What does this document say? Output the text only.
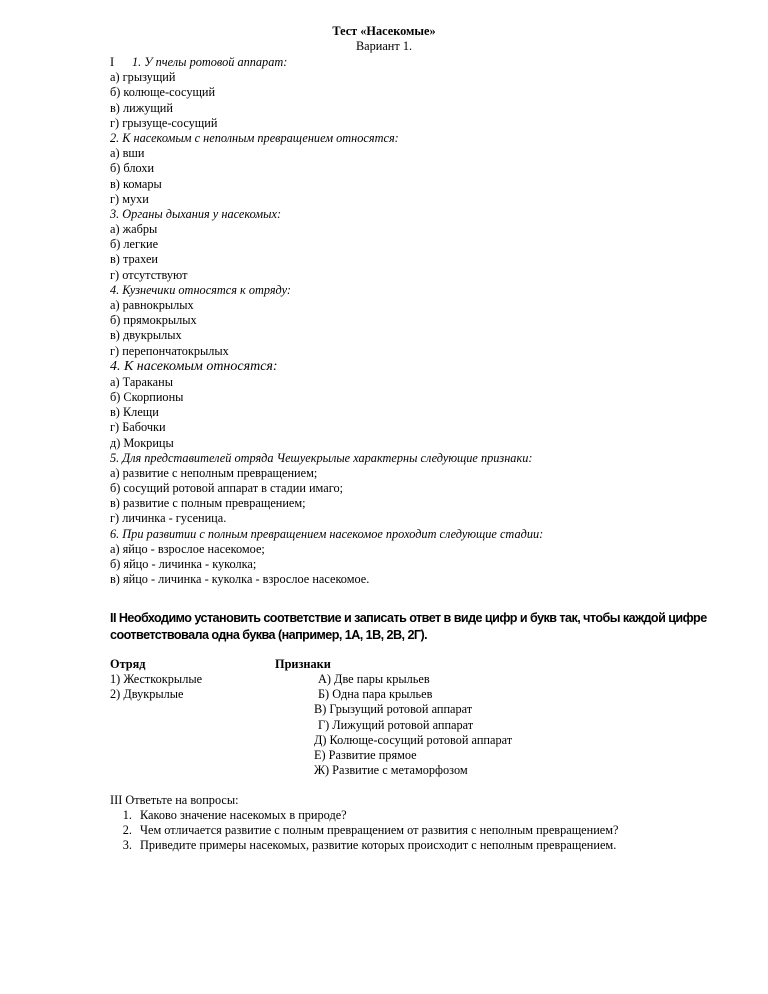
Тест «Насекомые»
Вариант 1.
I 1. У пчелы ротовой аппарат:
а) грызущий
б) колюще-сосущий
в) лижущий
г) грызуще-сосущий
2. К насекомым с неполным превращением относятся:
а) вши
б) блохи
в) комары
г) мухи
3. Органы дыхания у насекомых:
а) жабры
б) легкие
в) трахеи
г) отсутствуют
4. Кузнечики относятся к отряду:
а) равнокрылых
б) прямокрылых
в) двукрылых
г) перепончатокрылых
4. К насекомым относятся:
а) Тараканы
б) Скорпионы
в) Клещи
г) Бабочки
д) Мокрицы
5. Для представителей отряда Чешуекрылые характерны следующие признаки:
а) развитие с неполным превращением;
б) сосущий ротовой аппарат в стадии имаго;
в) развитие с полным превращением;
г) личинка - гусеница.
6. При развитии с полным превращением насекомое проходит следующие стадии:
а) яйцо - взрослое насекомое;
б) яйцо - личинка - куколка;
в) яйцо - личинка - куколка - взрослое насекомое.
II Необходимо установить соответствие и записать ответ в виде цифр и букв так, чтобы каждой цифре соответствовала одна буква (например, 1А, 1В, 2В, 2Г).
Отряд
1) Жесткокрылые
2) Двукрылые
Признаки
А) Две пары крыльев
Б) Одна пара крыльев
В) Грызущий ротовой аппарат
Г) Лижущий ротовой аппарат
Д) Колюще-сосущий ротовой аппарат
Е) Развитие прямое
Ж) Развитие с метаморфозом
III Ответьте на вопросы:
1. Каково значение насекомых в природе?
2. Чем отличается развитие с полным превращением от развития с неполным превращением?
3. Приведите примеры насекомых, развитие которых происходит с неполным превращением.
